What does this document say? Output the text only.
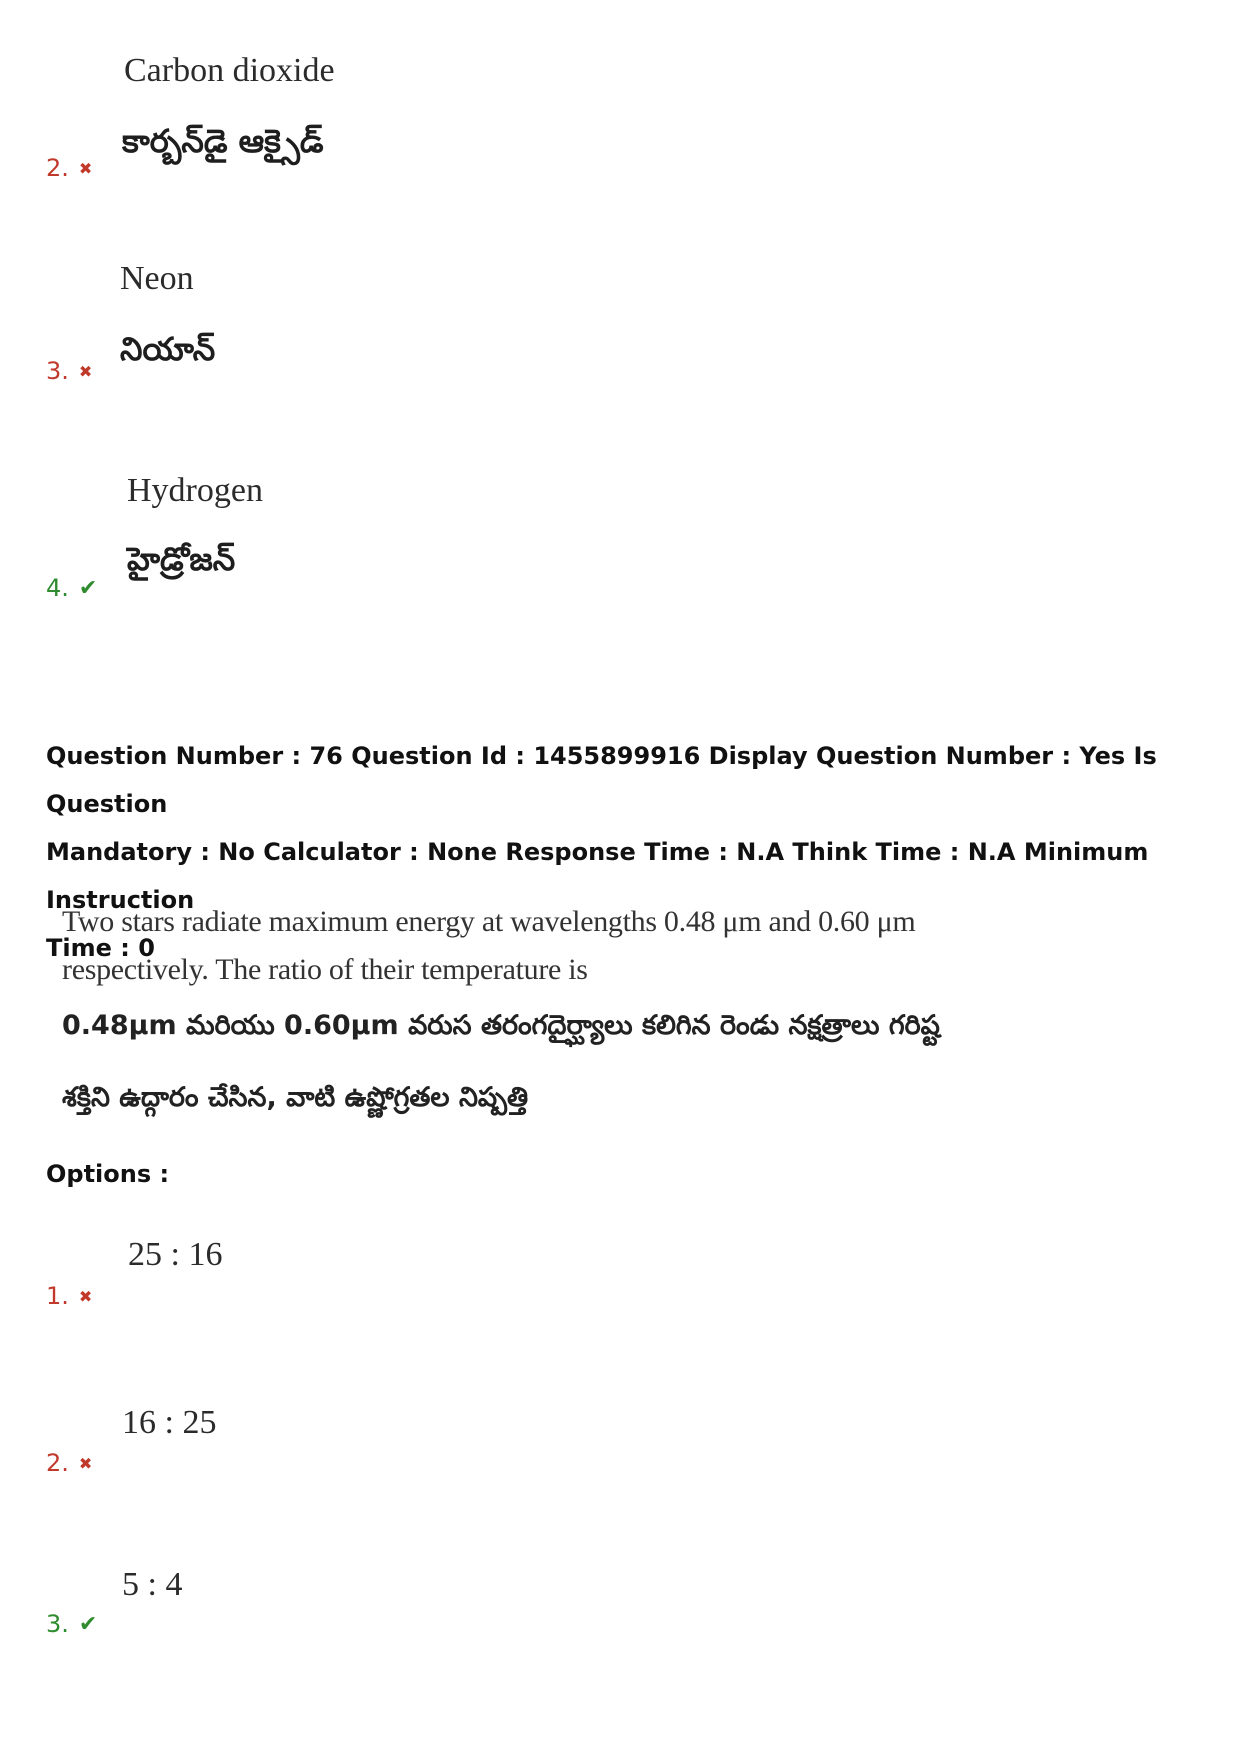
Carbon dioxide
కార్బన్‌డై ఆక్సైడ్
2. ✖
Neon
నియాన్
3. ✖
Hydrogen
హైడ్రోజన్
4. ✔
Question Number : 76 Question Id : 1455899916 Display Question Number : Yes Is Question
Mandatory : No Calculator : None Response Time : N.A Think Time : N.A Minimum Instruction
Time : 0
Two stars radiate maximum energy at wavelengths 0.48 μm and 0.60 μm
respectively. The ratio of their temperature is
0.48μm మరియు 0.60μm వరుస తరంగదైర్ఘ్యాలు కలిగిన రెండు నక్షత్రాలు గరిష్ట
శక్తిని ఉద్గారం చేసిన, వాటి ఉష్ణోగ్రతల నిష్పత్తి
Options :
25 : 16
1. ✖
16 : 25
2. ✖
5 : 4
3. ✔
